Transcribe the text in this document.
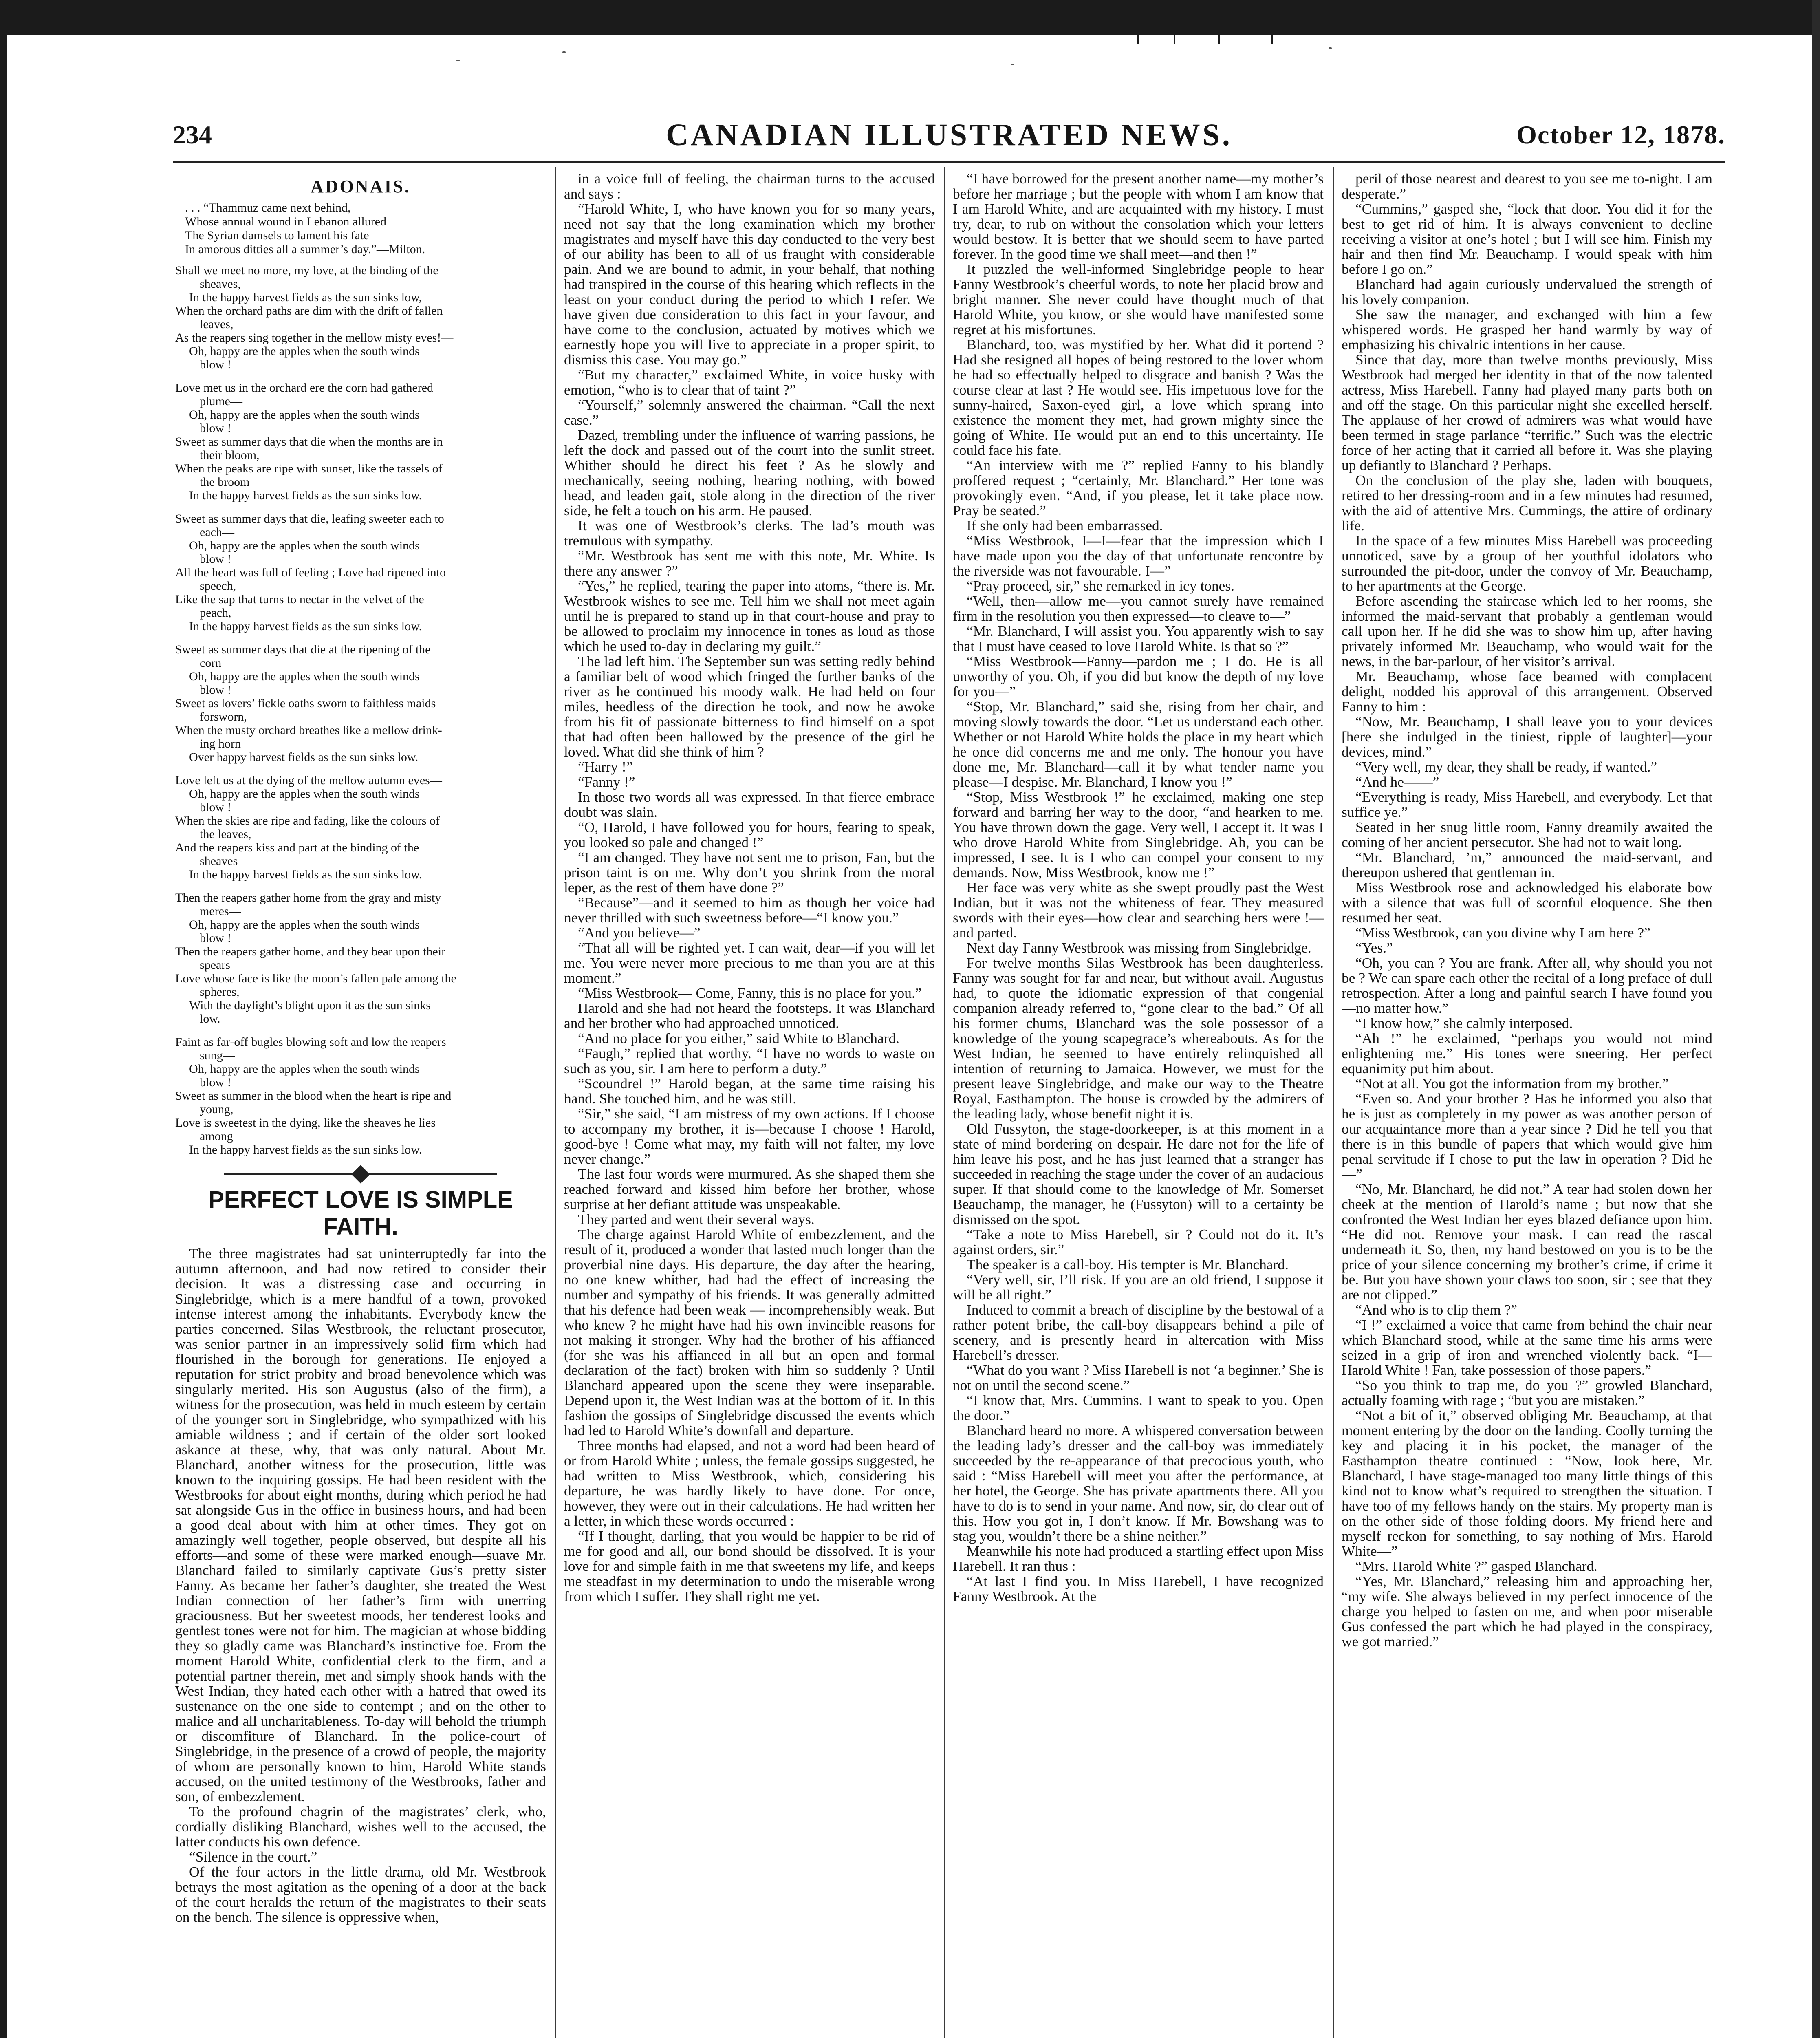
234	CANADIAN ILLUSTRATED NEWS.	October 12, 1878.
ADONAIS.

. . . “Thammuz came next behind,

Whose annual wound in Lebanon allured

The Syrian damsels to lament his fate

In amorous ditties all a summer’s day.”—Milton.

Shall we meet no more, my love, at the binding of the
sheaves,
In the happy harvest fields as the sun sinks low,
When the orchard paths are dim with the drift of fallen
leaves,
As the reapers sing together in the mellow misty eves!—
Oh, happy are the apples when the south winds
blow !
Love met us in the orchard ere the corn had gathered
plume—
Oh, happy are the apples when the south winds
blow !
Sweet as summer days that die when the months are in
their bloom,
When the peaks are ripe with sunset, like the tassels of
the broom
In the happy harvest fields as the sun sinks low.
Sweet as summer days that die, leafing sweeter each to
each—
Oh, happy are the apples when the south winds
blow !
All the heart was full of feeling ; Love had ripened into
speech,
Like the sap that turns to nectar in the velvet of the
peach,
In the happy harvest fields as the sun sinks low.
Sweet as summer days that die at the ripening of the
corn—
Oh, happy are the apples when the south winds
blow !
Sweet as lovers’ fickle oaths sworn to faithless maids
forsworn,
When the musty orchard breathes like a mellow drink-
ing horn
Over happy harvest fields as the sun sinks low.
Love left us at the dying of the mellow autumn eves—
Oh, happy are the apples when the south winds
blow !
When the skies are ripe and fading, like the colours of
the leaves,
And the reapers kiss and part at the binding of the
sheaves
In the happy harvest fields as the sun sinks low.
Then the reapers gather home from the gray and misty
meres—
Oh, happy are the apples when the south winds
blow !
Then the reapers gather home, and they bear upon their
spears
Love whose face is like the moon’s fallen pale among the
spheres,
With the daylight’s blight upon it as the sun sinks
low.
Faint as far-off bugles blowing soft and low the reapers
sung—
Oh, happy are the apples when the south winds
blow !
Sweet as summer in the blood when the heart is ripe and
young,
Love is sweetest in the dying, like the sheaves he lies
among
In the happy harvest fields as the sun sinks low.
PERFECT LOVE IS SIMPLE FAITH.

The three magistrates had sat uninterruptedly far into the autumn afternoon, and had now retired to consider their decision. It was a distressing case and occurring in Singlebridge, which is a mere handful of a town, provoked intense interest among the inhabitants. Everybody knew the parties concerned. Silas Westbrook, the reluctant prosecutor, was senior partner in an impressively solid firm which had flourished in the borough for generations. He enjoyed a reputation for strict probity and broad benevolence which was singularly merited. His son Augustus (also of the firm), a witness for the prosecution, was held in much esteem by certain of the younger sort in Singlebridge, who sympathized with his amiable wildness ; and if certain of the older sort looked askance at these, why, that was only natural. About Mr. Blanchard, another witness for the prosecution, little was known to the inquiring gossips. He had been resident with the Westbrooks for about eight months, during which period he had sat alongside Gus in the office in business hours, and had been a good deal about with him at other times. They got on amazingly well together, people observed, but despite all his efforts—and some of these were marked enough—suave Mr. Blanchard failed to similarly captivate Gus’s pretty sister Fanny. As became her father’s daughter, she treated the West Indian connection of her father’s firm with unerring graciousness. But her sweetest moods, her tenderest looks and gentlest tones were not for him. The magician at whose bidding they so gladly came was Blanchard’s instinctive foe. From the moment Harold White, confidential clerk to the firm, and a potential partner therein, met and simply shook hands with the West Indian, they hated each other with a hatred that owed its sustenance on the one side to contempt ; and on the other to malice and all uncharitableness. To-day will behold the triumph or discomfiture of Blanchard. In the police-court of Singlebridge, in the presence of a crowd of people, the majority of whom are personally known to him, Harold White stands accused, on the united testimony of the Westbrooks, father and son, of embezzlement.

To the profound chagrin of the magistrates’ clerk, who, cordially disliking Blanchard, wishes well to the accused, the latter conducts his own defence.

“Silence in the court.”

Of the four actors in the little drama, old Mr. Westbrook betrays the most agitation as the opening of a door at the back of the court heralds the return of the magistrates to their seats on the bench. The silence is oppressive when,

in a voice full of feeling, the chairman turns to the accused and says :

“Harold White, I, who have known you for so many years, need not say that the long examination which my brother magistrates and myself have this day conducted to the very best of our ability has been to all of us fraught with considerable pain. And we are bound to admit, in your behalf, that nothing had transpired in the course of this hearing which reflects in the least on your conduct during the period to which I refer. We have given due consideration to this fact in your favour, and have come to the conclusion, actuated by motives which we earnestly hope you will live to appreciate in a proper spirit, to dismiss this case. You may go.”

“But my character,” exclaimed White, in voice husky with emotion, “who is to clear that of taint ?”

“Yourself,” solemnly answered the chairman. “Call the next case.”

Dazed, trembling under the influence of warring passions, he left the dock and passed out of the court into the sunlit street. Whither should he direct his feet ? As he slowly and mechanically, seeing nothing, hearing nothing, with bowed head, and leaden gait, stole along in the direction of the river side, he felt a touch on his arm. He paused.

It was one of Westbrook’s clerks. The lad’s mouth was tremulous with sympathy.

“Mr. Westbrook has sent me with this note, Mr. White. Is there any answer ?”

“Yes,” he replied, tearing the paper into atoms, “there is. Mr. Westbrook wishes to see me. Tell him we shall not meet again until he is prepared to stand up in that court-house and pray to be allowed to proclaim my innocence in tones as loud as those which he used to-day in declaring my guilt.”

The lad left him. The September sun was setting redly behind a familiar belt of wood which fringed the further banks of the river as he continued his moody walk. He had held on four miles, heedless of the direction he took, and now he awoke from his fit of passionate bitterness to find himself on a spot that had often been hallowed by the presence of the girl he loved. What did she think of him ?

“Harry !”

“Fanny !”

In those two words all was expressed. In that fierce embrace doubt was slain.

“O, Harold, I have followed you for hours, fearing to speak, you looked so pale and changed !”

“I am changed. They have not sent me to prison, Fan, but the prison taint is on me. Why don’t you shrink from the moral leper, as the rest of them have done ?”

“Because”—and it seemed to him as though her voice had never thrilled with such sweetness before—“I know you.”

“And you believe—”

“That all will be righted yet. I can wait, dear—if you will let me. You were never more precious to me than you are at this moment.”

“Miss Westbrook— Come, Fanny, this is no place for you.”

Harold and she had not heard the footsteps. It was Blanchard and her brother who had approached unnoticed.

“And no place for you either,” said White to Blanchard.

“Faugh,” replied that worthy. “I have no words to waste on such as you, sir. I am here to perform a duty.”

“Scoundrel !” Harold began, at the same time raising his hand. She touched him, and he was still.

“Sir,” she said, “I am mistress of my own actions. If I choose to accompany my brother, it is—because I choose ! Harold, good-bye ! Come what may, my faith will not falter, my love never change.”

The last four words were murmured. As she shaped them she reached forward and kissed him before her brother, whose surprise at her defiant attitude was unspeakable.

They parted and went their several ways.

The charge against Harold White of embezzlement, and the result of it, produced a wonder that lasted much longer than the proverbial nine days. His departure, the day after the hearing, no one knew whither, had had the effect of increasing the number and sympathy of his friends. It was generally admitted that his defence had been weak — incomprehensibly weak. But who knew ? he might have had his own invincible reasons for not making it stronger. Why had the brother of his affianced (for she was his affianced in all but an open and formal declaration of the fact) broken with him so suddenly ? Until Blanchard appeared upon the scene they were inseparable. Depend upon it, the West Indian was at the bottom of it. In this fashion the gossips of Singlebridge discussed the events which had led to Harold White’s downfall and departure.

Three months had elapsed, and not a word had been heard of or from Harold White ; unless, the female gossips suggested, he had written to Miss Westbrook, which, considering his departure, he was hardly likely to have done. For once, however, they were out in their calculations. He had written her a letter, in which these words occurred :

“If I thought, darling, that you would be happier to be rid of me for good and all, our bond should be dissolved. It is your love for and simple faith in me that sweetens my life, and keeps me steadfast in my determination to undo the miserable wrong from which I suffer. They shall right me yet.

“I have borrowed for the present another name—my mother’s before her marriage ; but the people with whom I am know that I am Harold White, and are acquainted with my history. I must try, dear, to rub on without the consolation which your letters would bestow. It is better that we should seem to have parted forever. In the good time we shall meet—and then !”

It puzzled the well-informed Singlebridge people to hear Fanny Westbrook’s cheerful words, to note her placid brow and bright manner. She never could have thought much of that Harold White, you know, or she would have manifested some regret at his misfortunes.

Blanchard, too, was mystified by her. What did it portend ? Had she resigned all hopes of being restored to the lover whom he had so effectually helped to disgrace and banish ? Was the course clear at last ? He would see. His impetuous love for the sunny-haired, Saxon-eyed girl, a love which sprang into existence the moment they met, had grown mighty since the going of White. He would put an end to this uncertainty. He could face his fate.

“An interview with me ?” replied Fanny to his blandly proffered request ; “certainly, Mr. Blanchard.” Her tone was provokingly even. “And, if you please, let it take place now. Pray be seated.”

If she only had been embarrassed.

“Miss Westbrook, I—I—fear that the impression which I have made upon you the day of that unfortunate rencontre by the riverside was not favourable. I—”

“Pray proceed, sir,” she remarked in icy tones.

“Well, then—allow me—you cannot surely have remained firm in the resolution you then expressed—to cleave to—”

“Mr. Blanchard, I will assist you. You apparently wish to say that I must have ceased to love Harold White. Is that so ?”

“Miss Westbrook—Fanny—pardon me ; I do. He is all unworthy of you. Oh, if you did but know the depth of my love for you—”

“Stop, Mr. Blanchard,” said she, rising from her chair, and moving slowly towards the door. “Let us understand each other. Whether or not Harold White holds the place in my heart which he once did concerns me and me only. The honour you have done me, Mr. Blanchard—call it by what tender name you please—I despise. Mr. Blanchard, I know you !”

“Stop, Miss Westbrook !” he exclaimed, making one step forward and barring her way to the door, “and hearken to me. You have thrown down the gage. Very well, I accept it. It was I who drove Harold White from Singlebridge. Ah, you can be impressed, I see. It is I who can compel your consent to my demands. Now, Miss Westbrook, know me !”

Her face was very white as she swept proudly past the West Indian, but it was not the whiteness of fear. They measured swords with their eyes—how clear and searching hers were !—and parted.

Next day Fanny Westbrook was missing from Singlebridge.

For twelve months Silas Westbrook has been daughterless. Fanny was sought for far and near, but without avail. Augustus had, to quote the idiomatic expression of that congenial companion already referred to, “gone clear to the bad.” Of all his former chums, Blanchard was the sole possessor of a knowledge of the young scapegrace’s whereabouts. As for the West Indian, he seemed to have entirely relinquished all intention of returning to Jamaica. However, we must for the present leave Singlebridge, and make our way to the Theatre Royal, Easthampton. The house is crowded by the admirers of the leading lady, whose benefit night it is.

Old Fussyton, the stage-doorkeeper, is at this moment in a state of mind bordering on despair. He dare not for the life of him leave his post, and he has just learned that a stranger has succeeded in reaching the stage under the cover of an audacious super. If that should come to the knowledge of Mr. Somerset Beauchamp, the manager, he (Fussyton) will to a certainty be dismissed on the spot.

“Take a note to Miss Harebell, sir ? Could not do it. It’s against orders, sir.”

The speaker is a call-boy. His tempter is Mr. Blanchard.

“Very well, sir, I’ll risk. If you are an old friend, I suppose it will be all right.”

Induced to commit a breach of discipline by the bestowal of a rather potent bribe, the call-boy disappears behind a pile of scenery, and is presently heard in altercation with Miss Harebell’s dresser.

“What do you want ? Miss Harebell is not ‘a beginner.’ She is not on until the second scene.”

“I know that, Mrs. Cummins. I want to speak to you. Open the door.”

Blanchard heard no more. A whispered conversation between the leading lady’s dresser and the call-boy was immediately succeeded by the re-appearance of that precocious youth, who said : “Miss Harebell will meet you after the performance, at her hotel, the George. She has private apartments there. All you have to do is to send in your name. And now, sir, do clear out of this. How you got in, I don’t know. If Mr. Bowshang was to stag you, wouldn’t there be a shine neither.”

Meanwhile his note had produced a startling effect upon Miss Harebell. It ran thus :

“At last I find you. In Miss Harebell, I have recognized Fanny Westbrook. At the

peril of those nearest and dearest to you see me to-night. I am desperate.”

“Cummins,” gasped she, “lock that door. You did it for the best to get rid of him. It is always convenient to decline receiving a visitor at one’s hotel ; but I will see him. Finish my hair and then find Mr. Beauchamp. I would speak with him before I go on.”

Blanchard had again curiously undervalued the strength of his lovely companion.

She saw the manager, and exchanged with him a few whispered words. He grasped her hand warmly by way of emphasizing his chivalric intentions in her cause.

Since that day, more than twelve months previously, Miss Westbrook had merged her identity in that of the now talented actress, Miss Harebell. Fanny had played many parts both on and off the stage. On this particular night she excelled herself. The applause of her crowd of admirers was what would have been termed in stage parlance “terrific.” Such was the electric force of her acting that it carried all before it. Was she playing up defiantly to Blanchard ? Perhaps.

On the conclusion of the play she, laden with bouquets, retired to her dressing-room and in a few minutes had resumed, with the aid of attentive Mrs. Cummings, the attire of ordinary life.

In the space of a few minutes Miss Harebell was proceeding unnoticed, save by a group of her youthful idolators who surrounded the pit-door, under the convoy of Mr. Beauchamp, to her apartments at the George.

Before ascending the staircase which led to her rooms, she informed the maid-servant that probably a gentleman would call upon her. If he did she was to show him up, after having privately informed Mr. Beauchamp, who would wait for the news, in the bar-parlour, of her visitor’s arrival.

Mr. Beauchamp, whose face beamed with complacent delight, nodded his approval of this arrangement. Observed Fanny to him :

“Now, Mr. Beauchamp, I shall leave you to your devices [here she indulged in the tiniest, ripple of laughter]—your devices, mind.”

“Very well, my dear, they shall be ready, if wanted.”

“And he——”

“Everything is ready, Miss Harebell, and everybody. Let that suffice ye.”

Seated in her snug little room, Fanny dreamily awaited the coming of her ancient persecutor. She had not to wait long.

“Mr. Blanchard, ’m,” announced the maid-servant, and thereupon ushered that gentleman in.

Miss Westbrook rose and acknowledged his elaborate bow with a silence that was full of scornful eloquence. She then resumed her seat.

“Miss Westbrook, can you divine why I am here ?”

“Yes.”

“Oh, you can ? You are frank. After all, why should you not be ? We can spare each other the recital of a long preface of dull retrospection. After a long and painful search I have found you—no matter how.”

“I know how,” she calmly interposed.

“Ah !” he exclaimed, “perhaps you would not mind enlightening me.” His tones were sneering. Her perfect equanimity put him about.

“Not at all. You got the information from my brother.”

“Even so. And your brother ? Has he informed you also that he is just as completely in my power as was another person of our acquaintance more than a year since ? Did he tell you that there is in this bundle of papers that which would give him penal servitude if I chose to put the law in operation ? Did he—”

“No, Mr. Blanchard, he did not.” A tear had stolen down her cheek at the mention of Harold’s name ; but now that she confronted the West Indian her eyes blazed defiance upon him. “He did not. Remove your mask. I can read the rascal underneath it. So, then, my hand bestowed on you is to be the price of your silence concerning my brother’s crime, if crime it be. But you have shown your claws too soon, sir ; see that they are not clipped.”

“And who is to clip them ?”

“I !” exclaimed a voice that came from behind the chair near which Blanchard stood, while at the same time his arms were seized in a grip of iron and wrenched violently back. “I—Harold White ! Fan, take possession of those papers.”

“So you think to trap me, do you ?” growled Blanchard, actually foaming with rage ; “but you are mistaken.”

“Not a bit of it,” observed obliging Mr. Beauchamp, at that moment entering by the door on the landing. Coolly turning the key and placing it in his pocket, the manager of the Easthampton theatre continued : “Now, look here, Mr. Blanchard, I have stage-managed too many little things of this kind not to know what’s required to strengthen the situation. I have too of my fellows handy on the stairs. My property man is on the other side of those folding doors. My friend here and myself reckon for something, to say nothing of Mrs. Harold White—”

“Mrs. Harold White ?” gasped Blanchard.

“Yes, Mr. Blanchard,” releasing him and approaching her, “my wife. She always believed in my perfect innocence of the charge you helped to fasten on me, and when poor miserable Gus confessed the part which he had played in the conspiracy, we got married.”
